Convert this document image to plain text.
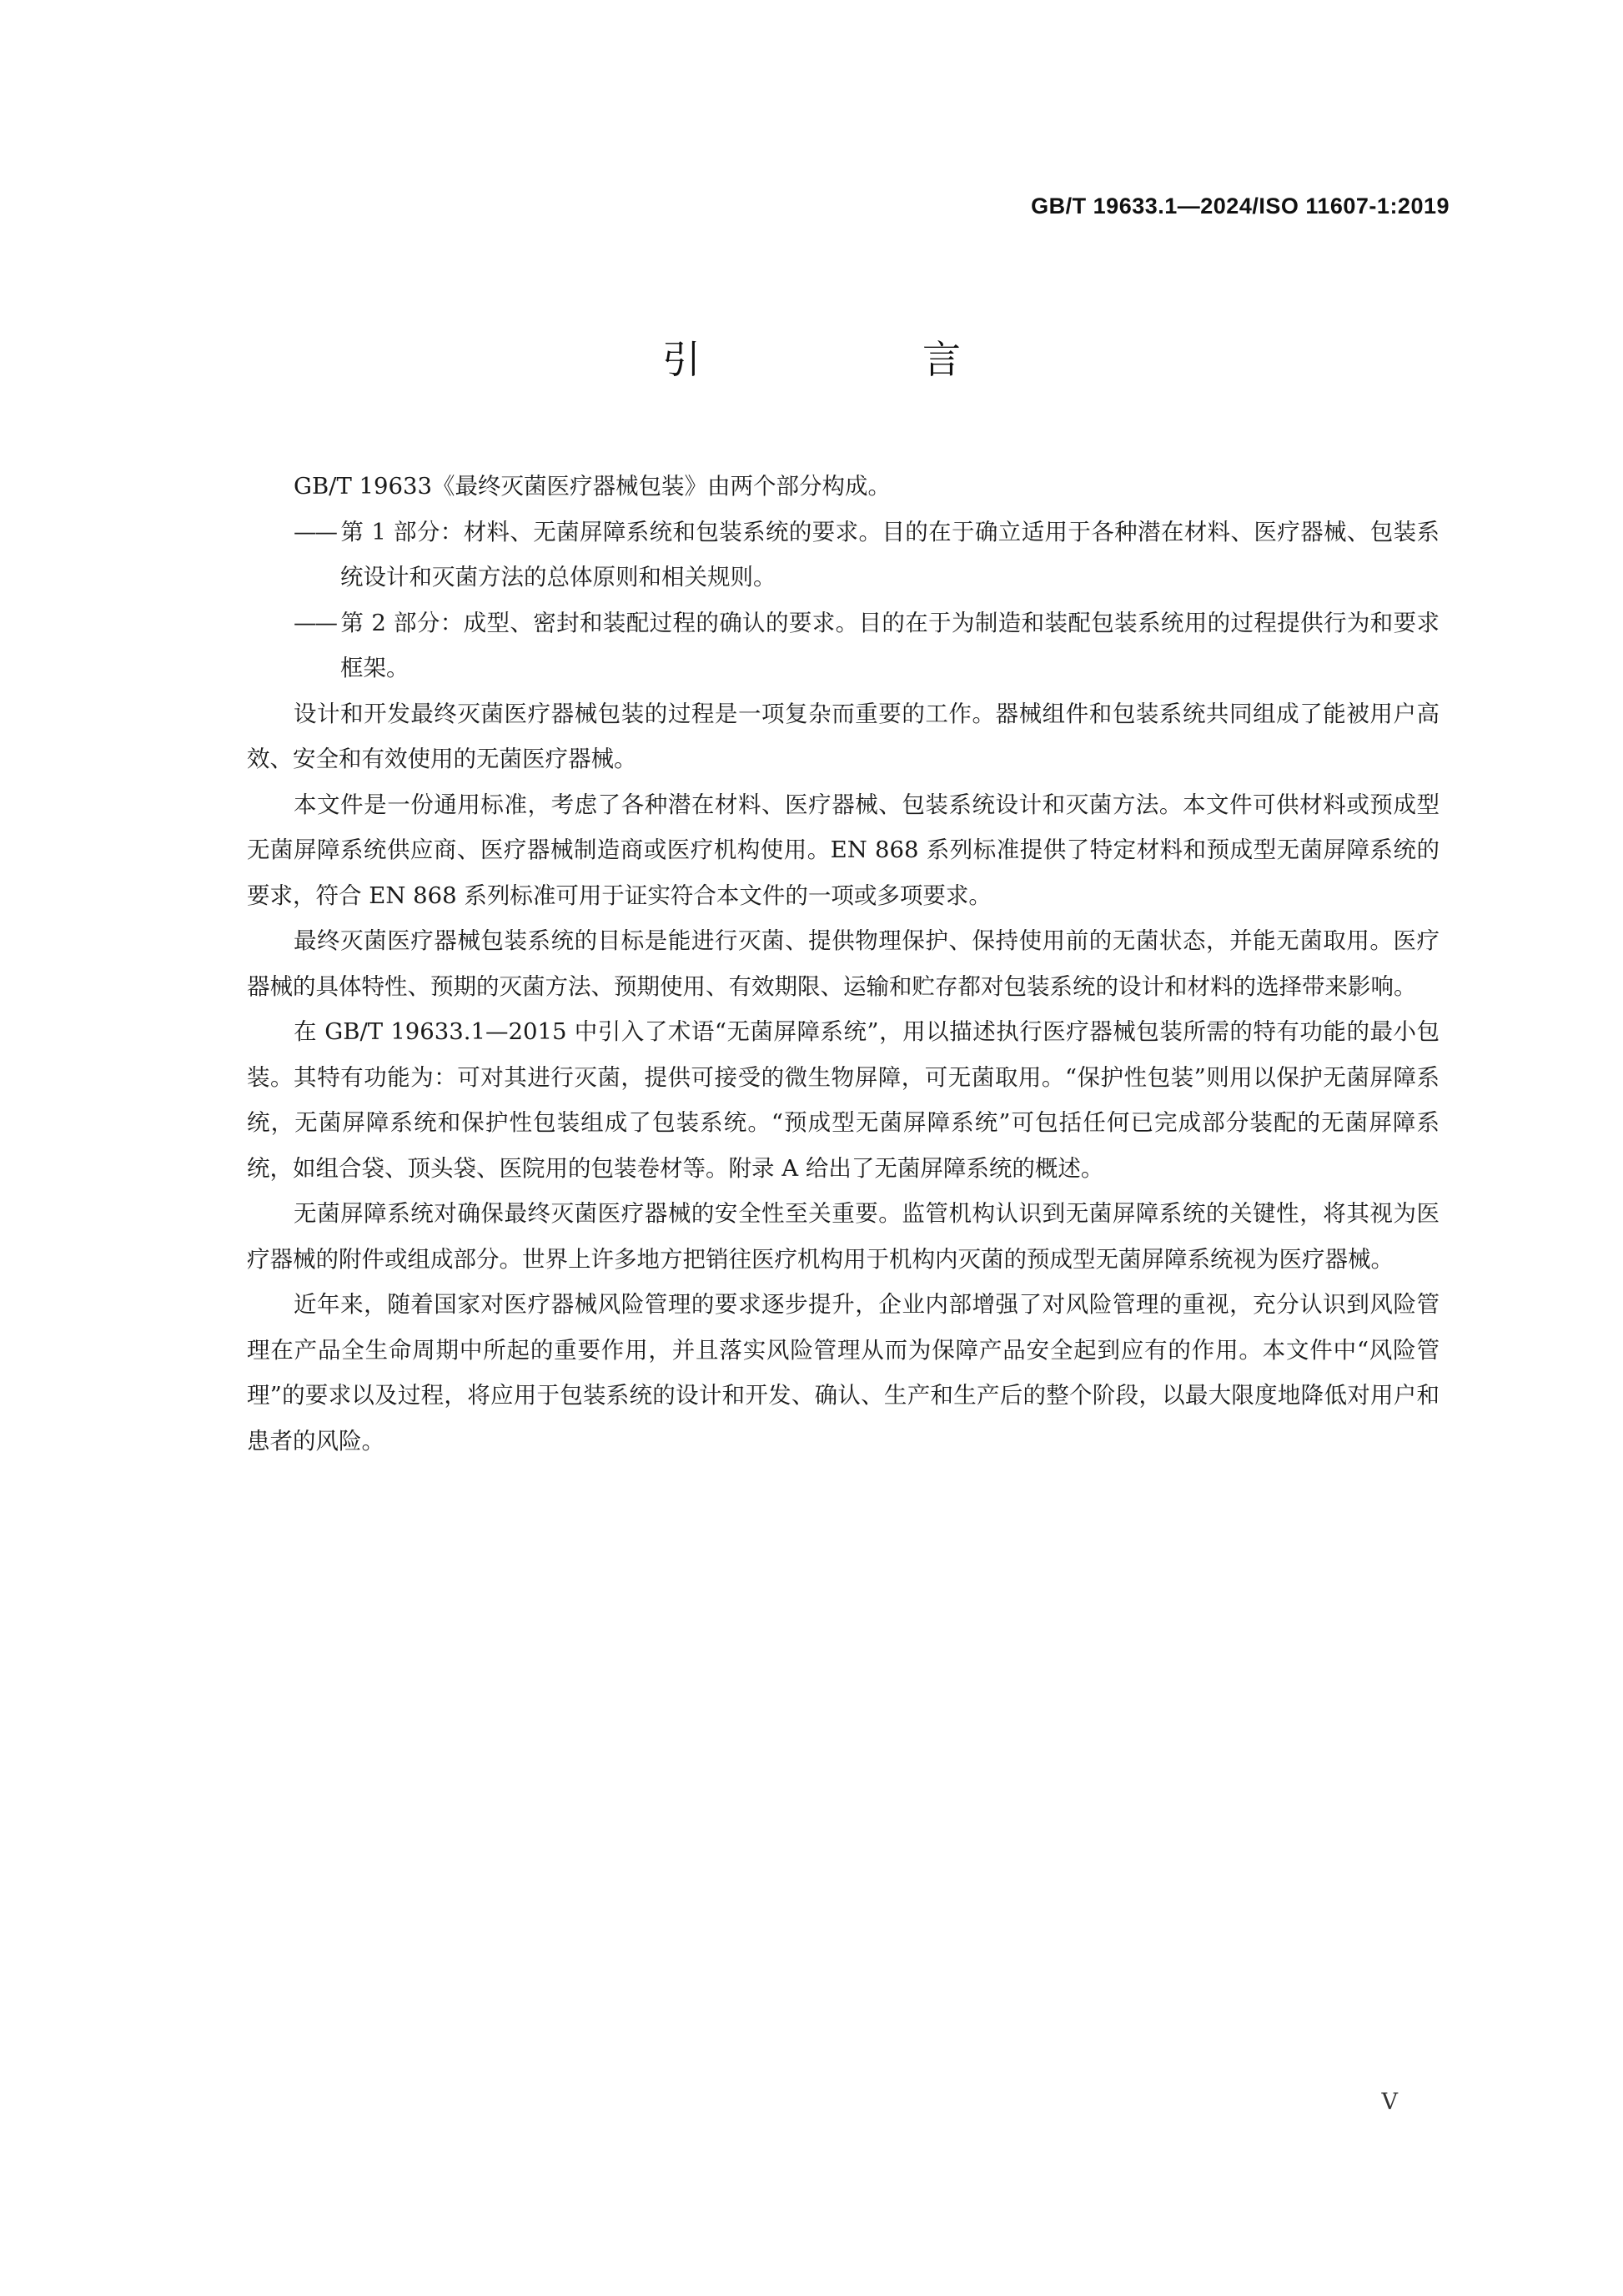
GB/T 19633.1—2024/ISO 11607-1:2019
引　言

GB/T 19633《最终灭菌医疗器械包装》由两个部分构成。

—— 第 1 部分：材料、无菌屏障系统和包装系统的要求。目的在于确立适用于各种潜在材料、医疗器械、包装系统设计和灭菌方法的总体原则和相关规则。

—— 第 2 部分：成型、密封和装配过程的确认的要求。目的在于为制造和装配包装系统用的过程提供行为和要求框架。

设计和开发最终灭菌医疗器械包装的过程是一项复杂而重要的工作。器械组件和包装系统共同组成了能被用户高效、安全和有效使用的无菌医疗器械。

本文件是一份通用标准，考虑了各种潜在材料、医疗器械、包装系统设计和灭菌方法。本文件可供材料或预成型无菌屏障系统供应商、医疗器械制造商或医疗机构使用。EN 868 系列标准提供了特定材料和预成型无菌屏障系统的要求，符合 EN 868 系列标准可用于证实符合本文件的一项或多项要求。

最终灭菌医疗器械包装系统的目标是能进行灭菌、提供物理保护、保持使用前的无菌状态，并能无菌取用。医疗器械的具体特性、预期的灭菌方法、预期使用、有效期限、运输和贮存都对包装系统的设计和材料的选择带来影响。

在 GB/T 19633.1—2015 中引入了术语“无菌屏障系统”，用以描述执行医疗器械包装所需的特有功能的最小包装。其特有功能为：可对其进行灭菌，提供可接受的微生物屏障，可无菌取用。“保护性包装”则用以保护无菌屏障系统，无菌屏障系统和保护性包装组成了包装系统。“预成型无菌屏障系统”可包括任何已完成部分装配的无菌屏障系统，如组合袋、顶头袋、医院用的包装卷材等。附录 A 给出了无菌屏障系统的概述。

无菌屏障系统对确保最终灭菌医疗器械的安全性至关重要。监管机构认识到无菌屏障系统的关键性，将其视为医疗器械的附件或组成部分。世界上许多地方把销往医疗机构用于机构内灭菌的预成型无菌屏障系统视为医疗器械。

近年来，随着国家对医疗器械风险管理的要求逐步提升，企业内部增强了对风险管理的重视，充分认识到风险管理在产品全生命周期中所起的重要作用，并且落实风险管理从而为保障产品安全起到应有的作用。本文件中“风险管理”的要求以及过程，将应用于包装系统的设计和开发、确认、生产和生产后的整个阶段，以最大限度地降低对用户和患者的风险。

V
